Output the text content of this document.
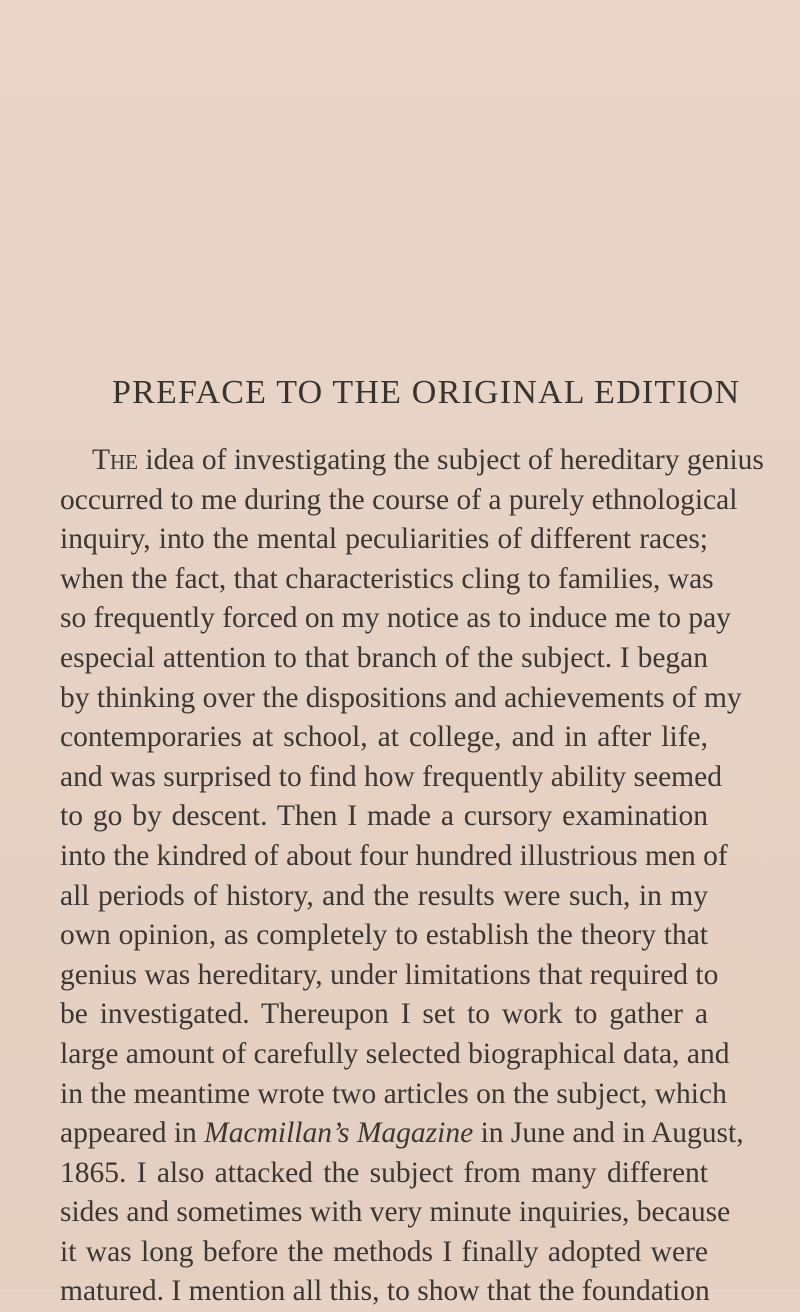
PREFACE TO THE ORIGINAL EDITION
The idea of investigating the subject of hereditary genius
occurred to me during the course of a purely ethnological
inquiry, into the mental peculiarities of different races;
when the fact, that characteristics cling to families, was
so frequently forced on my notice as to induce me to pay
especial attention to that branch of the subject. I began
by thinking over the dispositions and achievements of my
contemporaries at school, at college, and in after life,
and was surprised to find how frequently ability seemed
to go by descent. Then I made a cursory examination
into the kindred of about four hundred illustrious men of
all periods of history, and the results were such, in my
own opinion, as completely to establish the theory that
genius was hereditary, under limitations that required to
be investigated. Thereupon I set to work to gather a
large amount of carefully selected biographical data, and
in the meantime wrote two articles on the subject, which
appeared in Macmillan’s Magazine in June and in August,
1865. I also attacked the subject from many different
sides and sometimes with very minute inquiries, because
it was long before the methods I finally adopted were
matured. I mention all this, to show that the foundation
